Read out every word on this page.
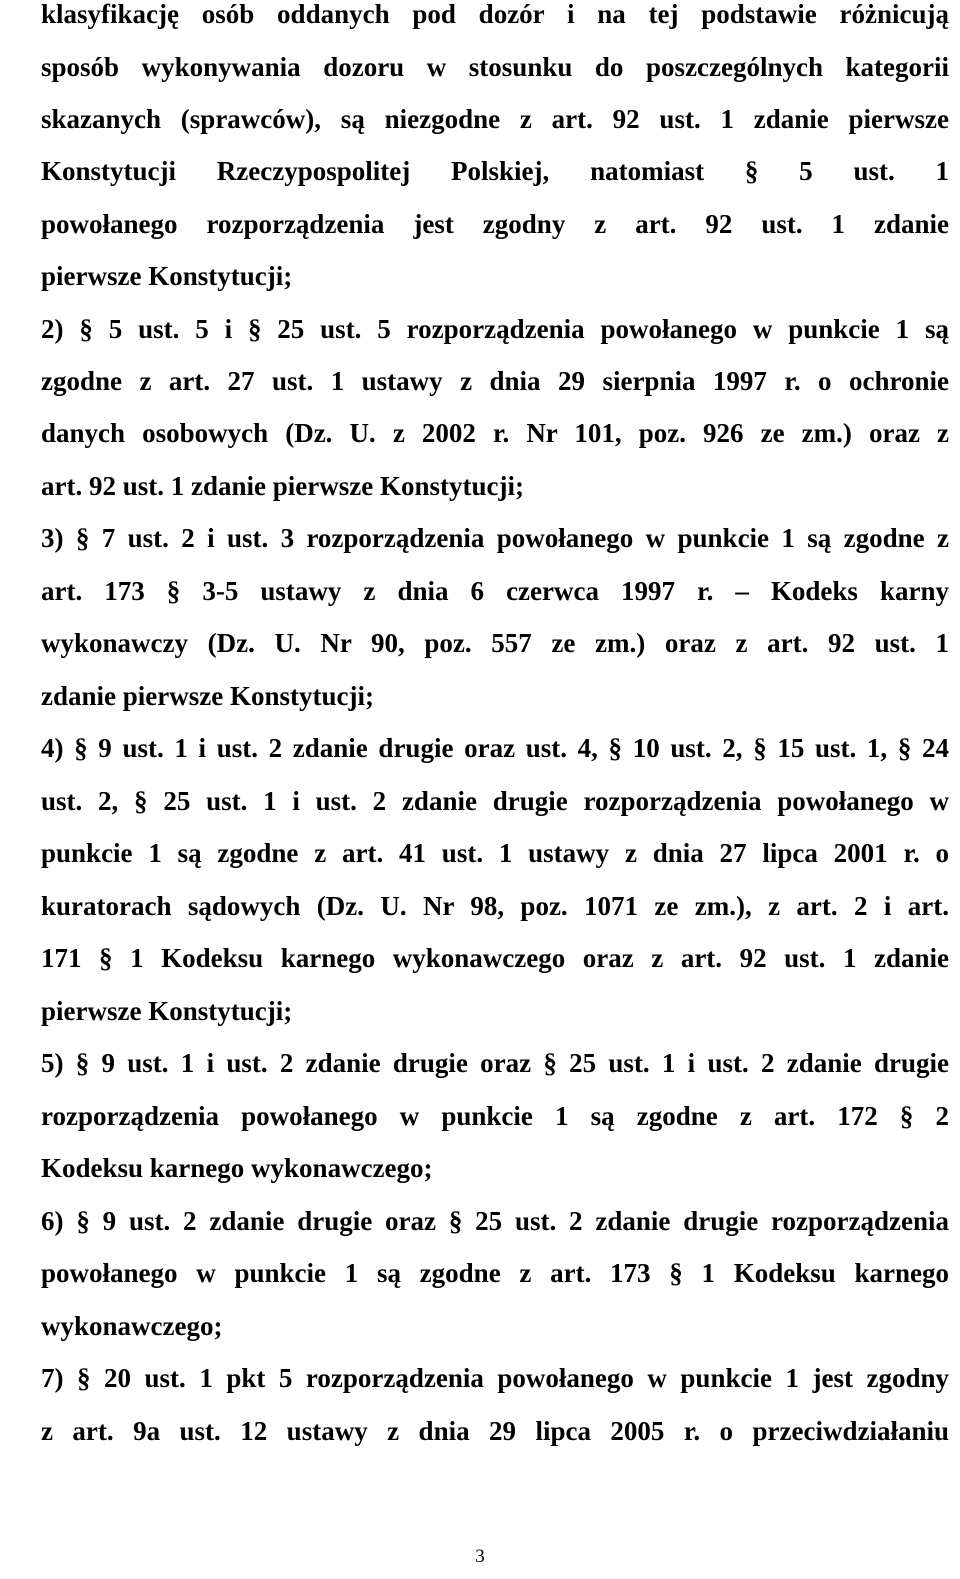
klasyfikację osób oddanych pod dozór i na tej podstawie różnicują
sposób wykonywania dozoru w stosunku do poszczególnych kategorii
skazanych (sprawców), są niezgodne z art. 92 ust. 1 zdanie pierwsze
Konstytucji Rzeczypospolitej Polskiej, natomiast § 5 ust. 1
powołanego rozporządzenia jest zgodny z art. 92 ust. 1 zdanie
pierwsze Konstytucji;
2) § 5 ust. 5 i § 25 ust. 5 rozporządzenia powołanego w punkcie 1 są
zgodne z art. 27 ust. 1 ustawy z dnia 29 sierpnia 1997 r. o ochronie
danych osobowych (Dz. U. z 2002 r. Nr 101, poz. 926 ze zm.) oraz z
art. 92 ust. 1 zdanie pierwsze Konstytucji;
3) § 7 ust. 2 i ust. 3 rozporządzenia powołanego w punkcie 1 są zgodne z
art. 173 § 3-5 ustawy z dnia 6 czerwca 1997 r. – Kodeks karny
wykonawczy (Dz. U. Nr 90, poz. 557 ze zm.) oraz z art. 92 ust. 1
zdanie pierwsze Konstytucji;
4) § 9 ust. 1 i ust. 2 zdanie drugie oraz ust. 4, § 10 ust. 2, § 15 ust. 1, § 24
ust. 2, § 25 ust. 1 i ust. 2 zdanie drugie rozporządzenia powołanego w
punkcie 1 są zgodne z art. 41 ust. 1 ustawy z dnia 27 lipca 2001 r. o
kuratorach sądowych (Dz. U. Nr 98, poz. 1071 ze zm.), z art. 2 i art.
171 § 1 Kodeksu karnego wykonawczego oraz z art. 92 ust. 1 zdanie
pierwsze Konstytucji;
5) § 9 ust. 1 i ust. 2 zdanie drugie oraz § 25 ust. 1 i ust. 2 zdanie drugie
rozporządzenia powołanego w punkcie 1 są zgodne z art. 172 § 2
Kodeksu karnego wykonawczego;
6) § 9 ust. 2 zdanie drugie oraz § 25 ust. 2 zdanie drugie rozporządzenia
powołanego w punkcie 1 są zgodne z art. 173 § 1 Kodeksu karnego
wykonawczego;
7) § 20 ust. 1 pkt 5 rozporządzenia powołanego w punkcie 1 jest zgodny
z art. 9a ust. 12 ustawy z dnia 29 lipca 2005 r. o przeciwdziałaniu
3
